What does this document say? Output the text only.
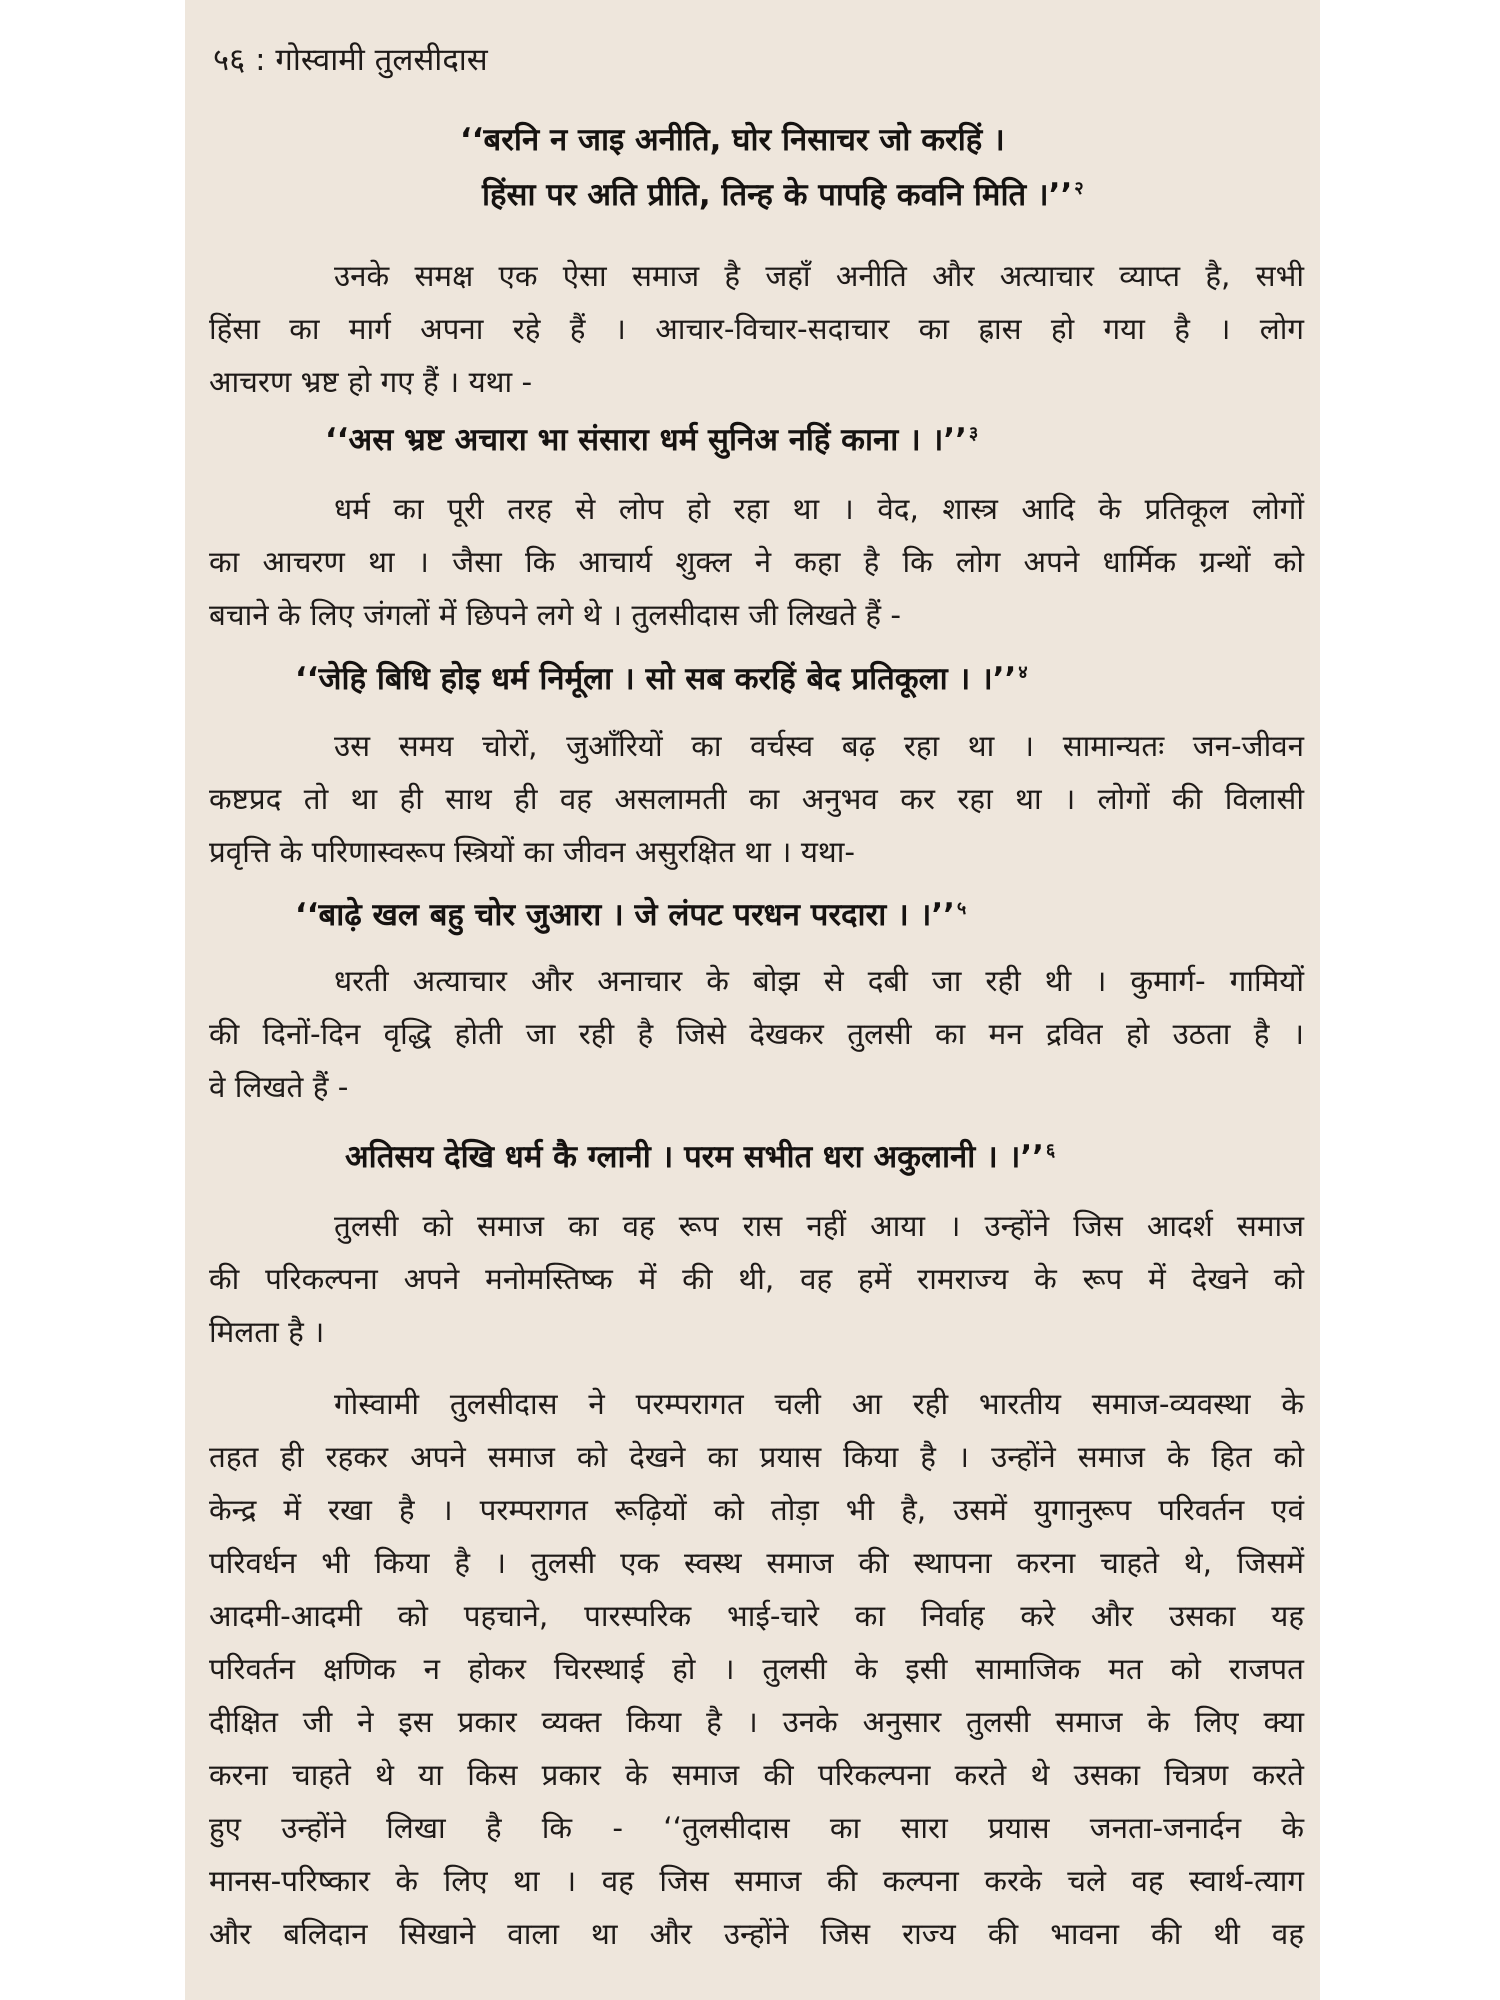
५६ : गोस्वामी तुलसीदास
‘‘बरनि न जाइ अनीति, घोर निसाचर जो करहिं ।
हिंसा पर अति प्रीति, तिन्ह के पापहि कवनि मिति ।’’ $^२$
उनके समक्ष एक ऐसा समाज है जहाँ अनीति और अत्याचार व्याप्त है, सभी
हिंसा का मार्ग अपना रहे हैं । आचार-विचार-सदाचार का ह्रास हो गया है । लोग
आचरण भ्रष्ट हो गए हैं । यथा -
‘‘अस भ्रष्ट अचारा भा संसारा धर्म सुनिअ नहिं काना । ।’’ $^३$
धर्म का पूरी तरह से लोप हो रहा था । वेद, शास्त्र आदि के प्रतिकूल लोगों
का आचरण था । जैसा कि आचार्य शुक्ल ने कहा है कि लोग अपने धार्मिक ग्रन्थों को
बचाने के लिए जंगलों में छिपने लगे थे । तुलसीदास जी लिखते हैं -
‘‘जेहि बिधि होइ धर्म निर्मूला । सो सब करहिं बेद प्रतिकूला । ।’’ $^४$
उस समय चोरों, जुआँरियों का वर्चस्व बढ़ रहा था । सामान्यतः जन-जीवन
कष्टप्रद तो था ही साथ ही वह असलामती का अनुभव कर रहा था । लोगों की विलासी
प्रवृत्ति के परिणास्वरूप स्त्रियों का जीवन असुरक्षित था । यथा-
‘‘बाढ़े खल बहु चोर जुआरा । जे लंपट परधन परदारा । ।’’ $^५$
धरती अत्याचार और अनाचार के बोझ से दबी जा रही थी । कुमार्ग- गामियों
की दिनों-दिन वृद्धि होती जा रही है जिसे देखकर तुलसी का मन द्रवित हो उठता है ।
वे लिखते हैं -
अतिसय देखि धर्म कै ग्लानी । परम सभीत धरा अकुलानी । ।’’ $^६$
तुलसी को समाज का वह रूप रास नहीं आया । उन्होंने जिस आदर्श समाज
की परिकल्पना अपने मनोमस्तिष्क में की थी, वह हमें रामराज्य के रूप में देखने को
मिलता है ।
गोस्वामी तुलसीदास ने परम्परागत चली आ रही भारतीय समाज-व्यवस्था के
तहत ही रहकर अपने समाज को देखने का प्रयास किया है । उन्होंने समाज के हित को
केन्द्र में रखा है । परम्परागत रूढ़ियों को तोड़ा भी है, उसमें युगानुरूप परिवर्तन एवं
परिवर्धन भी किया है । तुलसी एक स्वस्थ समाज की स्थापना करना चाहते थे, जिसमें
आदमी-आदमी को पहचाने, पारस्परिक भाई-चारे का निर्वाह करे और उसका यह
परिवर्तन क्षणिक न होकर चिरस्थाई हो । तुलसी के इसी सामाजिक मत को राजपत
दीक्षित जी ने इस प्रकार व्यक्त किया है । उनके अनुसार तुलसी समाज के लिए क्या
करना चाहते थे या किस प्रकार के समाज की परिकल्पना करते थे उसका चित्रण करते
हुए उन्होंने लिखा है कि - ‘‘तुलसीदास का सारा प्रयास जनता-जनार्दन के
मानस-परिष्कार के लिए था । वह जिस समाज की कल्पना करके चले वह स्वार्थ-त्याग
और बलिदान सिखाने वाला था और उन्होंने जिस राज्य की भावना की थी वह
